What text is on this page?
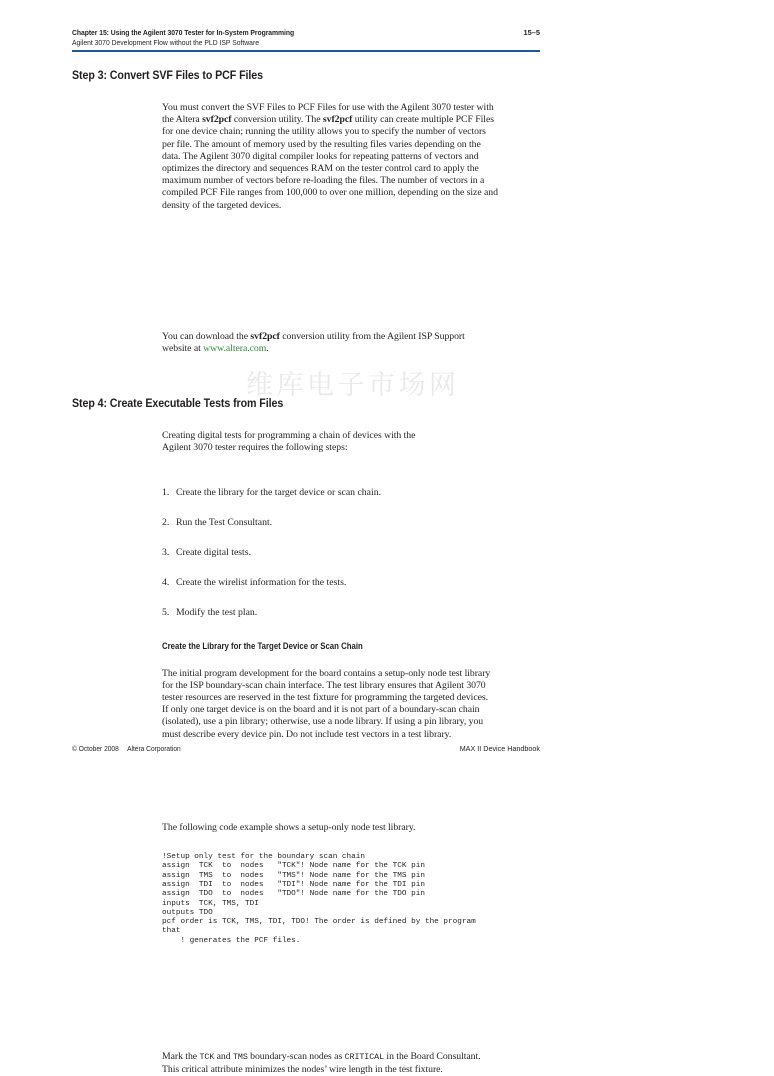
Chapter 15: Using the Agilent 3070 Tester for In-System Programming
Agilent 3070 Development Flow without the PLD ISP Software
15–5
维库电子市场网
Step 3: Convert SVF Files to PCF Files
You must convert the SVF Files to PCF Files for use with the Agilent 3070 tester with
the Altera svf2pcf conversion utility. The svf2pcf utility can create multiple PCF Files
for one device chain; running the utility allows you to specify the number of vectors
per file. The amount of memory used by the resulting files varies depending on the
data. The Agilent 3070 digital compiler looks for repeating patterns of vectors and
optimizes the directory and sequences RAM on the tester control card to apply the
maximum number of vectors before re-loading the files. The number of vectors in a
compiled PCF File ranges from 100,000 to over one million, depending on the size and
density of the targeted devices.
You can download the svf2pcf conversion utility from the Agilent ISP Support
website at www.altera.com.
Step 4: Create Executable Tests from Files
Creating digital tests for programming a chain of devices with the
Agilent 3070 tester requires the following steps:
1. Create the library for the target device or scan chain.
2. Run the Test Consultant.
3. Create digital tests.
4. Create the wirelist information for the tests.
5. Modify the test plan.
Create the Library for the Target Device or Scan Chain
The initial program development for the board contains a setup-only node test library
for the ISP boundary-scan chain interface. The test library ensures that Agilent 3070
tester resources are reserved in the test fixture for programming the targeted devices.
If only one target device is on the board and it is not part of a boundary-scan chain
(isolated), use a pin library; otherwise, use a node library. If using a pin library, you
must describe every device pin. Do not include test vectors in a test library.
The following code example shows a setup-only node test library.
!Setup only test for the boundary scan chain
assign  TCK  to  nodes   "TCK"! Node name for the TCK pin
assign  TMS  to  nodes   "TMS"! Node name for the TMS pin
assign  TDI  to  nodes   "TDI"! Node name for the TDI pin
assign  TDO  to  nodes   "TDO"! Node name for the TDO pin
inputs  TCK, TMS, TDI
outputs TDO
pcf order is TCK, TMS, TDI, TDO! The order is defined by the program
that
! generates the PCF files.
Mark the TCK and TMS boundary-scan nodes as CRITICAL in the Board Consultant.
This critical attribute minimizes the nodes’ wire length in the test fixture.
© October 2008 Altera Corporation	MAX II Device Handbook
